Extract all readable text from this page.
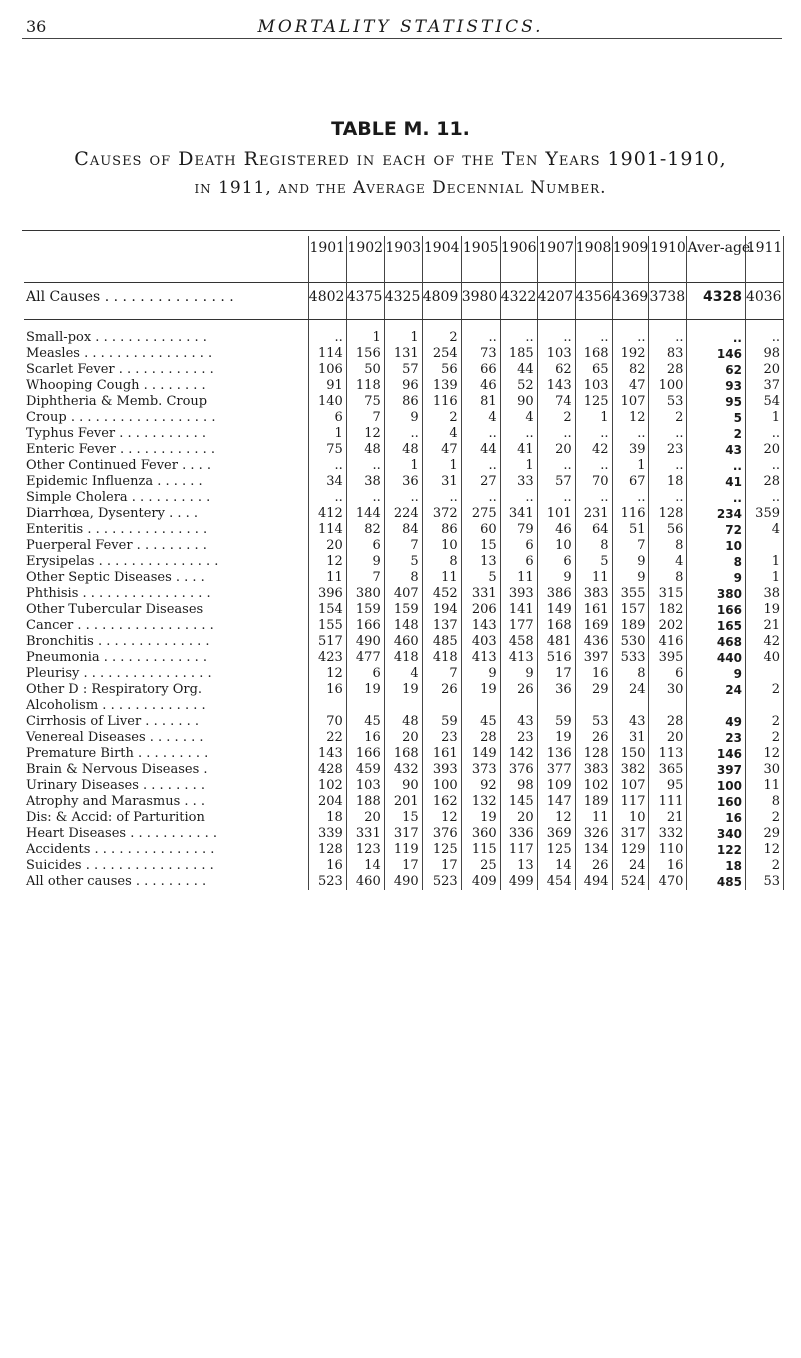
36	MORTALITY STATISTICS.
TABLE M. 11.
Causes of Death Registered in each of the Ten Years 1901-1910,
in 1911, and the Average Decennial Number.
	1901	1902	1903	1904	1905	1906	1907	1908	1909	1910	Aver-age.	1911
All Causes . . . . . . . . . . . . . . .	4802	4375	4325	4809	3980	4322	4207	4356	4369	3738	4328	4036

Small-pox . . . . . . . . . . . . . .	..	1	1	2	..	..	..	..	..	..	..	..
Measles . . . . . . . . . . . . . . . .	114	156	131	254	73	185	103	168	192	83	146	98
Scarlet Fever . . . . . . . . . . . .	106	50	57	56	66	44	62	65	82	28	62	20
Whooping Cough . . . . . . . .	91	118	96	139	46	52	143	103	47	100	93	37
Diphtheria & Memb. Croup	140	75	86	116	81	90	74	125	107	53	95	54
Croup . . . . . . . . . . . . . . . . . .	6	7	9	2	4	4	2	1	12	2	5	1
Typhus Fever . . . . . . . . . . .	1	12	..	4	..	..	..	..	..	..	2	..
Enteric Fever . . . . . . . . . . . .	75	48	48	47	44	41	20	42	39	23	43	20
Other Continued Fever . . . .	..	..	1	1	..	1	..	..	1	..	..	..
Epidemic Influenza . . . . . .	34	38	36	31	27	33	57	70	67	18	41	28
Simple Cholera . . . . . . . . . .	..	..	..	..	..	..	..	..	..	..	..	..
Diarrhœa, Dysentery . . . .	412	144	224	372	275	341	101	231	116	128	234	359
Enteritis . . . . . . . . . . . . . . .	114	82	84	86	60	79	46	64	51	56	72	4
Puerperal Fever . . . . . . . . .	20	6	7	10	15	6	10	8	7	8	10	
Erysipelas . . . . . . . . . . . . . . .	12	9	5	8	13	6	6	5	9	4	8	1
Other Septic Diseases . . . .	11	7	8	11	5	11	9	11	9	8	9	1
Phthisis . . . . . . . . . . . . . . . .	396	380	407	452	331	393	386	383	355	315	380	38
Other Tubercular Diseases	154	159	159	194	206	141	149	161	157	182	166	19
Cancer . . . . . . . . . . . . . . . . .	155	166	148	137	143	177	168	169	189	202	165	21
Bronchitis . . . . . . . . . . . . . .	517	490	460	485	403	458	481	436	530	416	468	42
Pneumonia . . . . . . . . . . . . .	423	477	418	418	413	413	516	397	533	395	440	40
Pleurisy . . . . . . . . . . . . . . . .	12	6	4	7	9	9	17	16	8	6	9	
Other D : Respiratory Org.	16	19	19	26	19	26	36	29	24	30	24	2
Alcoholism . . . . . . . . . . . . .												
Cirrhosis of Liver . . . . . . .	70	45	48	59	45	43	59	53	43	28	49	2
Venereal Diseases . . . . . . .	22	16	20	23	28	23	19	26	31	20	23	2
Premature Birth . . . . . . . . .	143	166	168	161	149	142	136	128	150	113	146	12
Brain & Nervous Diseases .	428	459	432	393	373	376	377	383	382	365	397	30
Urinary Diseases . . . . . . . .	102	103	90	100	92	98	109	102	107	95	100	11
Atrophy and Marasmus . . .	204	188	201	162	132	145	147	189	117	111	160	8
Dis: & Accid: of Parturition	18	20	15	12	19	20	12	11	10	21	16	2
Heart Diseases . . . . . . . . . . .	339	331	317	376	360	336	369	326	317	332	340	29
Accidents . . . . . . . . . . . . . . .	128	123	119	125	115	117	125	134	129	110	122	12
Suicides . . . . . . . . . . . . . . . .	16	14	17	17	25	13	14	26	24	16	18	2
All other causes . . . . . . . . .	523	460	490	523	409	499	454	494	524	470	485	53
